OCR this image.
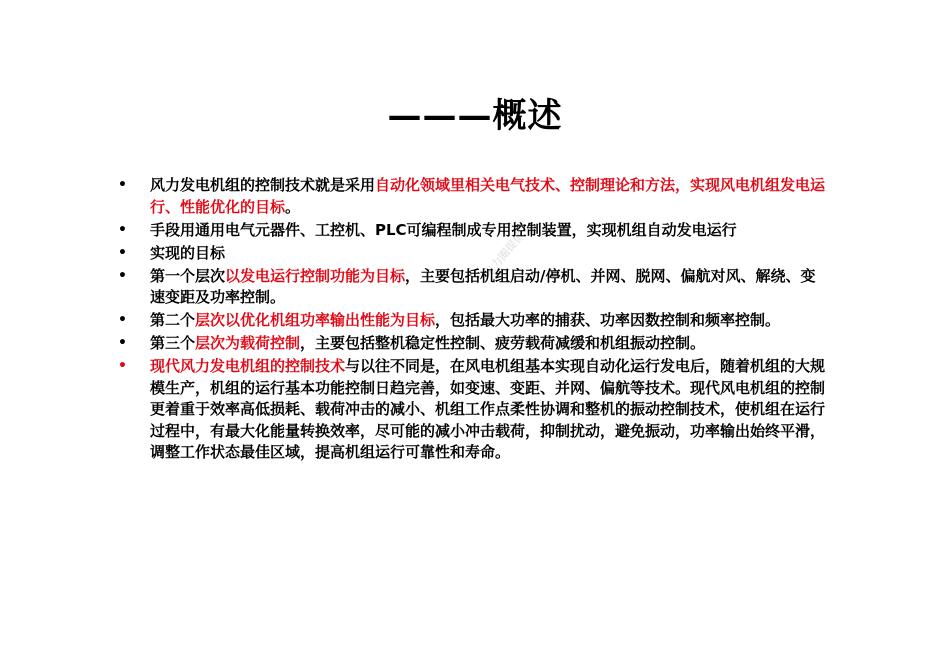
———概述
电力圈提供
• 风力发电机组的控制技术就是采用自动化领域里相关电气技术、控制理论和方法，实现风电机组发电运行、性能优化的目标。
• 手段用通用电气元器件、工控机、PLC可编程制成专用控制装置，实现机组自动发电运行
• 实现的目标
• 第一个层次以发电运行控制功能为目标，主要包括机组启动/停机、并网、脱网、偏航对风、解绕、变速变距及功率控制。
• 第二个层次以优化机组功率输出性能为目标，包括最大功率的捕获、功率因数控制和频率控制。
• 第三个层次为载荷控制，主要包括整机稳定性控制、疲劳载荷减缓和机组振动控制。
• 现代风力发电机组的控制技术与以往不同是，在风电机组基本实现自动化运行发电后，随着机组的大规模生产，机组的运行基本功能控制日趋完善，如变速、变距、并网、偏航等技术。现代风电机组的控制更着重于效率高低损耗、载荷冲击的减小、机组工作点柔性协调和整机的振动控制技术，使机组在运行过程中，有最大化能量转换效率，尽可能的减小冲击载荷，抑制扰动，避免振动，功率输出始终平滑，调整工作状态最佳区域，提高机组运行可靠性和寿命。
